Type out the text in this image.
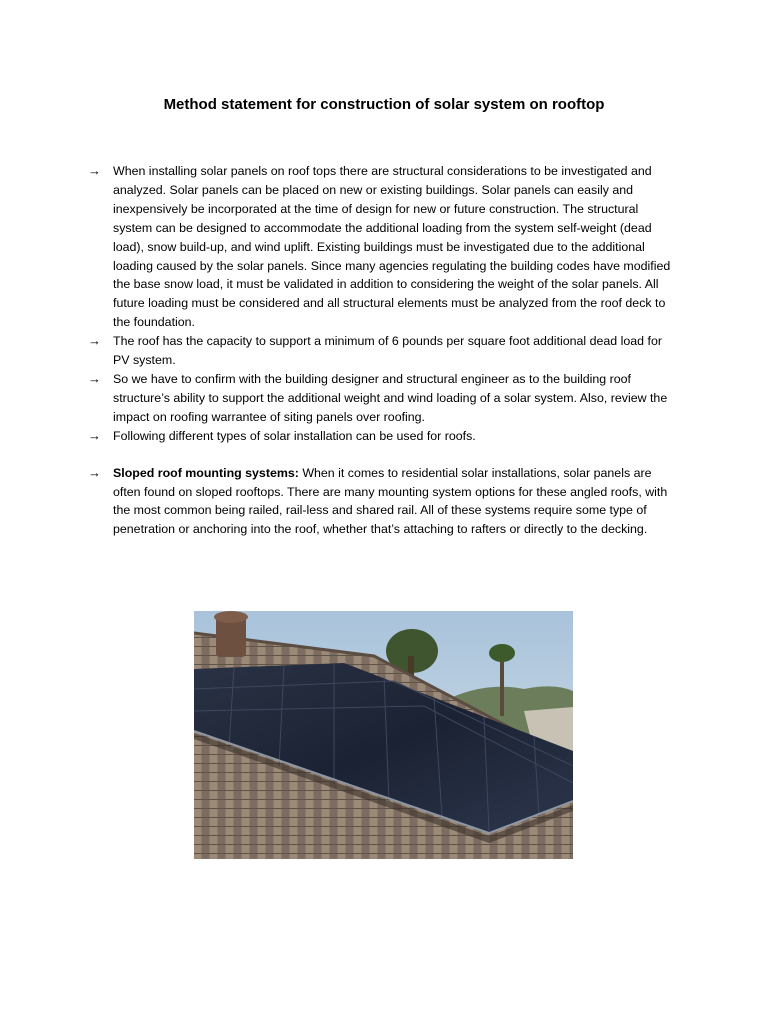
Method statement for construction of solar system on rooftop
→ When installing solar panels on roof tops there are structural considerations to be investigated and analyzed. Solar panels can be placed on new or existing buildings. Solar panels can easily and inexpensively be incorporated at the time of design for new or future construction. The structural system can be designed to accommodate the additional loading from the system self-weight (dead load), snow build-up, and wind uplift. Existing buildings must be investigated due to the additional loading caused by the solar panels. Since many agencies regulating the building codes have modified the base snow load, it must be validated in addition to considering the weight of the solar panels. All future loading must be considered and all structural elements must be analyzed from the roof deck to the foundation.
→ The roof has the capacity to support a minimum of 6 pounds per square foot additional dead load for PV system.
→ So we have to confirm with the building designer and structural engineer as to the building roof structure’s ability to support the additional weight and wind loading of a solar system. Also, review the impact on roofing warrantee of siting panels over roofing.
→ Following different types of solar installation can be used for roofs.
→ Sloped roof mounting systems: When it comes to residential solar installations, solar panels are often found on sloped rooftops. There are many mounting system options for these angled roofs, with the most common being railed, rail-less and shared rail. All of these systems require some type of penetration or anchoring into the roof, whether that’s attaching to rafters or directly to the decking.
